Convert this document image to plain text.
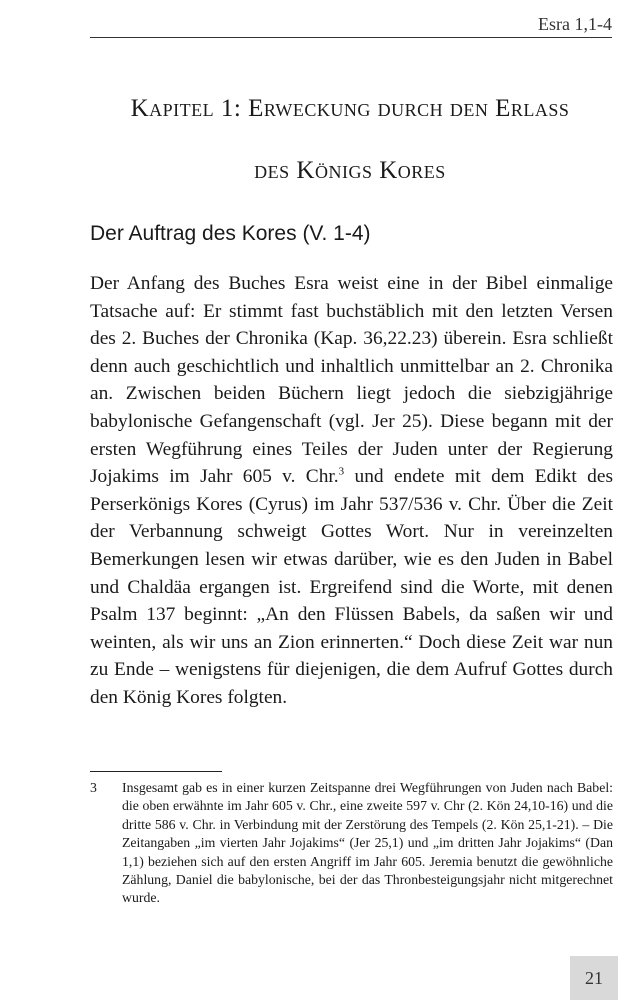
Esra 1,1-4
Kapitel 1: Erweckung durch den Erlass
des Königs Kores
Der Auftrag des Kores (V. 1-4)
Der Anfang des Buches Esra weist eine in der Bibel einmalige Tatsache auf: Er stimmt fast buchstäblich mit den letzten Versen des 2. Buches der Chronika (Kap. 36,22.23) überein. Esra schließt denn auch geschichtlich und inhaltlich unmittelbar an 2. Chronika an. Zwischen beiden Büchern liegt jedoch die siebzigjährige babylonische Gefangenschaft (vgl. Jer 25). Diese begann mit der ersten Wegführung eines Teiles der Juden unter der Regierung Jojakims im Jahr 605 v. Chr.$^3$ und endete mit dem Edikt des Perserkönigs Kores (Cyrus) im Jahr 537/536 v. Chr. Über die Zeit der Verbannung schweigt Gottes Wort. Nur in vereinzelten Bemerkungen lesen wir etwas darüber, wie es den Juden in Babel und Chaldäa ergangen ist. Ergreifend sind die Worte, mit denen Psalm 137 beginnt: „An den Flüssen Babels, da saßen wir und weinten, als wir uns an Zion erinnerten.“ Doch diese Zeit war nun zu Ende – wenigstens für diejenigen, die dem Aufruf Gottes durch den König Kores folgten.
3	Insgesamt gab es in einer kurzen Zeitspanne drei Wegführungen von Juden nach Babel: die oben erwähnte im Jahr 605 v. Chr., eine zweite 597 v. Chr (2. Kön 24,10-16) und die dritte 586 v. Chr. in Verbindung mit der Zerstörung des Tempels (2. Kön 25,1-21). – Die Zeitangaben „im vierten Jahr Jojakims“ (Jer 25,1) und „im dritten Jahr Jojakims“ (Dan 1,1) beziehen sich auf den ersten Angriff im Jahr 605. Jeremia benutzt die gewöhnliche Zählung, Daniel die babylonische, bei der das Thronbesteigungsjahr nicht mitgerechnet wurde.
21
